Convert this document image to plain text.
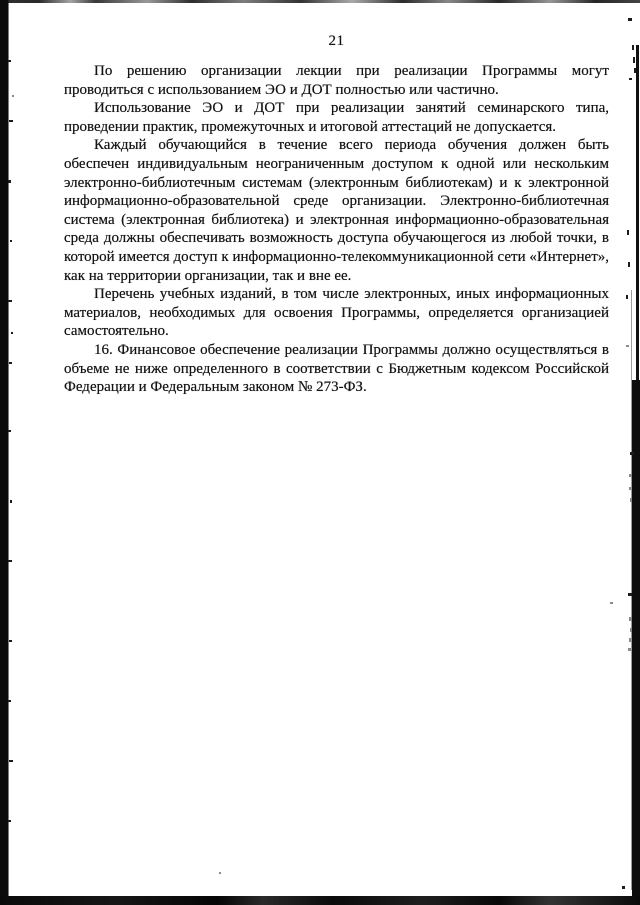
21

По решению организации лекции при реализации Программы могут проводиться с использованием ЭО и ДОТ полностью или частично.

Использование ЭО и ДОТ при реализации занятий семинарского типа, проведении практик, промежуточных и итоговой аттестаций не допускается.

Каждый обучающийся в течение всего периода обучения должен быть обеспечен индивидуальным неограниченным доступом к одной или нескольким электронно-библиотечным системам (электронным библиотекам) и к электронной информационно-образовательной среде организации. Электронно-библиотечная система (электронная библиотека) и электронная информационно-образовательная среда должны обеспечивать возможность доступа обучающегося из любой точки, в которой имеется доступ к информационно-телекоммуникационной сети «Интернет», как на территории организации, так и вне ее.

Перечень учебных изданий, в том числе электронных, иных информационных материалов, необходимых для освоения Программы, определяется организацией самостоятельно.

16. Финансовое обеспечение реализации Программы должно осуществляться в объеме не ниже определенного в соответствии с Бюджетным кодексом Российской Федерации и Федеральным законом № 273-ФЗ.
